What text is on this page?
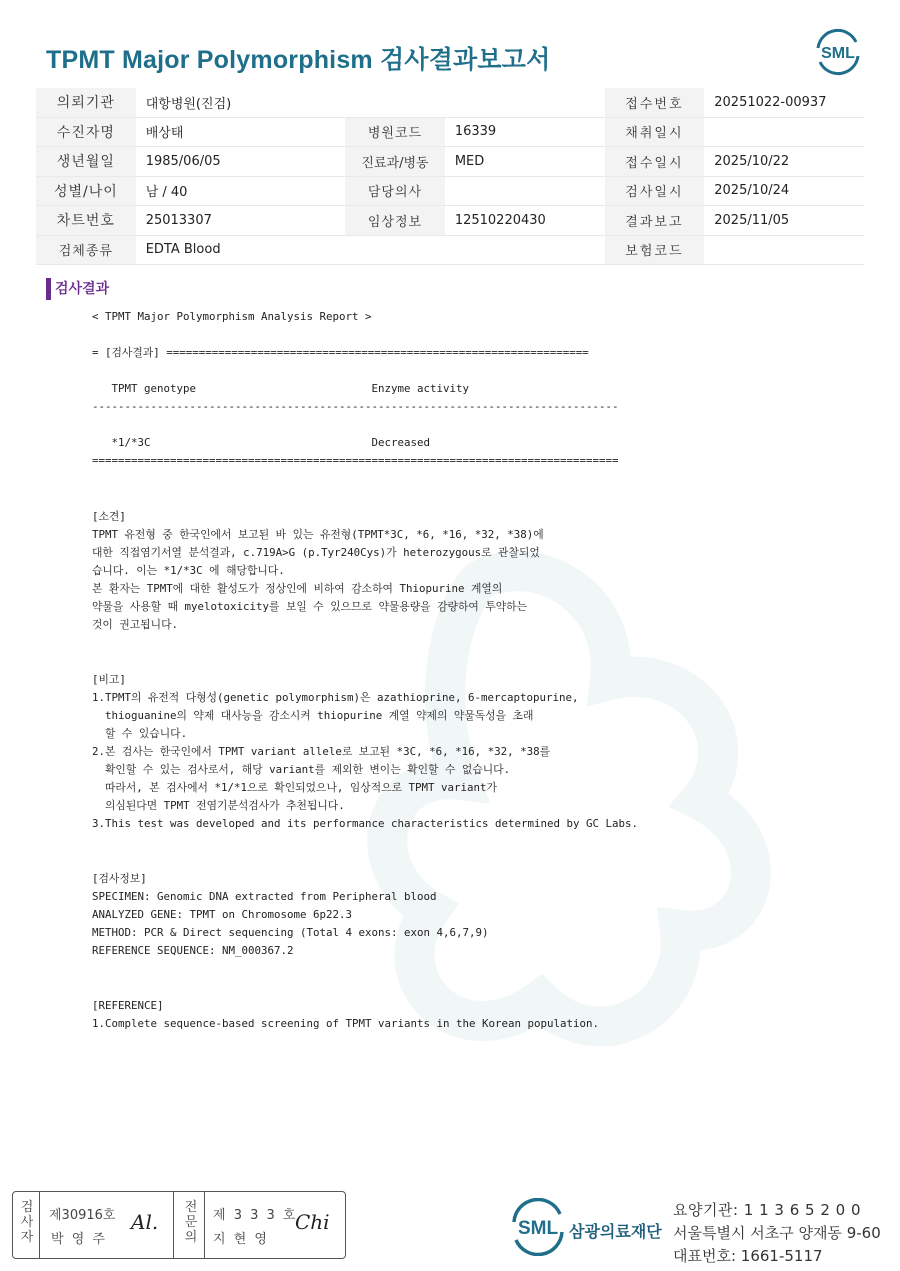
TPMT Major Polymorphism 검사결과보고서	SML
의뢰기관	대항병원(진검)			접수번호	20251022-00937
수진자명	배상태	병원코드	16339	채취일시	
생년월일	1985/06/05	진료과/병동	MED	접수일시	2025/10/22
성별/나이	남 / 40	담당의사		검사일시	2025/10/24
차트번호	25013307	임상정보	12510220430	결과보고	2025/11/05
검체종류	EDTA Blood			보험코드	
검사결과
< TPMT Major Polymorphism Analysis Report >
= [검사결과] =================================================================
TPMT genotype                           Enzyme activity
---------------------------------------------------------------------------------
*1/*3C                                  Decreased
=================================================================================
[소견]
TPMT 유전형 중 한국인에서 보고된 바 있는 유전형(TPMT*3C, *6, *16, *32, *38)에
대한 직접염기서열 분석결과, c.719A>G (p.Tyr240Cys)가 heterozygous로 관찰되었
습니다. 이는 *1/*3C 에 해당합니다.
본 환자는 TPMT에 대한 활성도가 정상인에 비하여 감소하여 Thiopurine 계열의
약물을 사용할 때 myelotoxicity를 보일 수 있으므로 약물용량을 감량하여 투약하는
것이 권고됩니다.
[비고]
1.TPMT의 유전적 다형성(genetic polymorphism)은 azathioprine, 6-mercaptopurine,
thioguanine의 약제 대사능을 감소시켜 thiopurine 계열 약제의 약물독성을 초래
할 수 있습니다.
2.본 검사는 한국인에서 TPMT variant allele로 보고된 *3C, *6, *16, *32, *38를
확인할 수 있는 검사로서, 해당 variant를 제외한 변이는 확인할 수 없습니다.
따라서, 본 검사에서 *1/*1으로 확인되었으나, 임상적으로 TPMT variant가
의심된다면 TPMT 전염기분석검사가 추천됩니다.
3.This test was developed and its performance characteristics determined by GC Labs.
[검사정보]
SPECIMEN: Genomic DNA extracted from Peripheral blood
ANALYZED GENE: TPMT on Chromosome 6p22.3
METHOD: PCR & Direct sequencing (Total 4 exons: exon 4,6,7,9)
REFERENCE SEQUENCE: NM_000367.2
[REFERENCE]
1.Complete sequence-based screening of TPMT variants in the Korean population.
검사자
제30916호
박 영 주
Al.
전문의
제 3 3 3 호
지 현 영
Chi	SML 삼광의료재단
요양기관: 1 1 3 6 5 2 0 0
서울특별시 서초구 양재동 9-60
대표번호: 1661-5117
